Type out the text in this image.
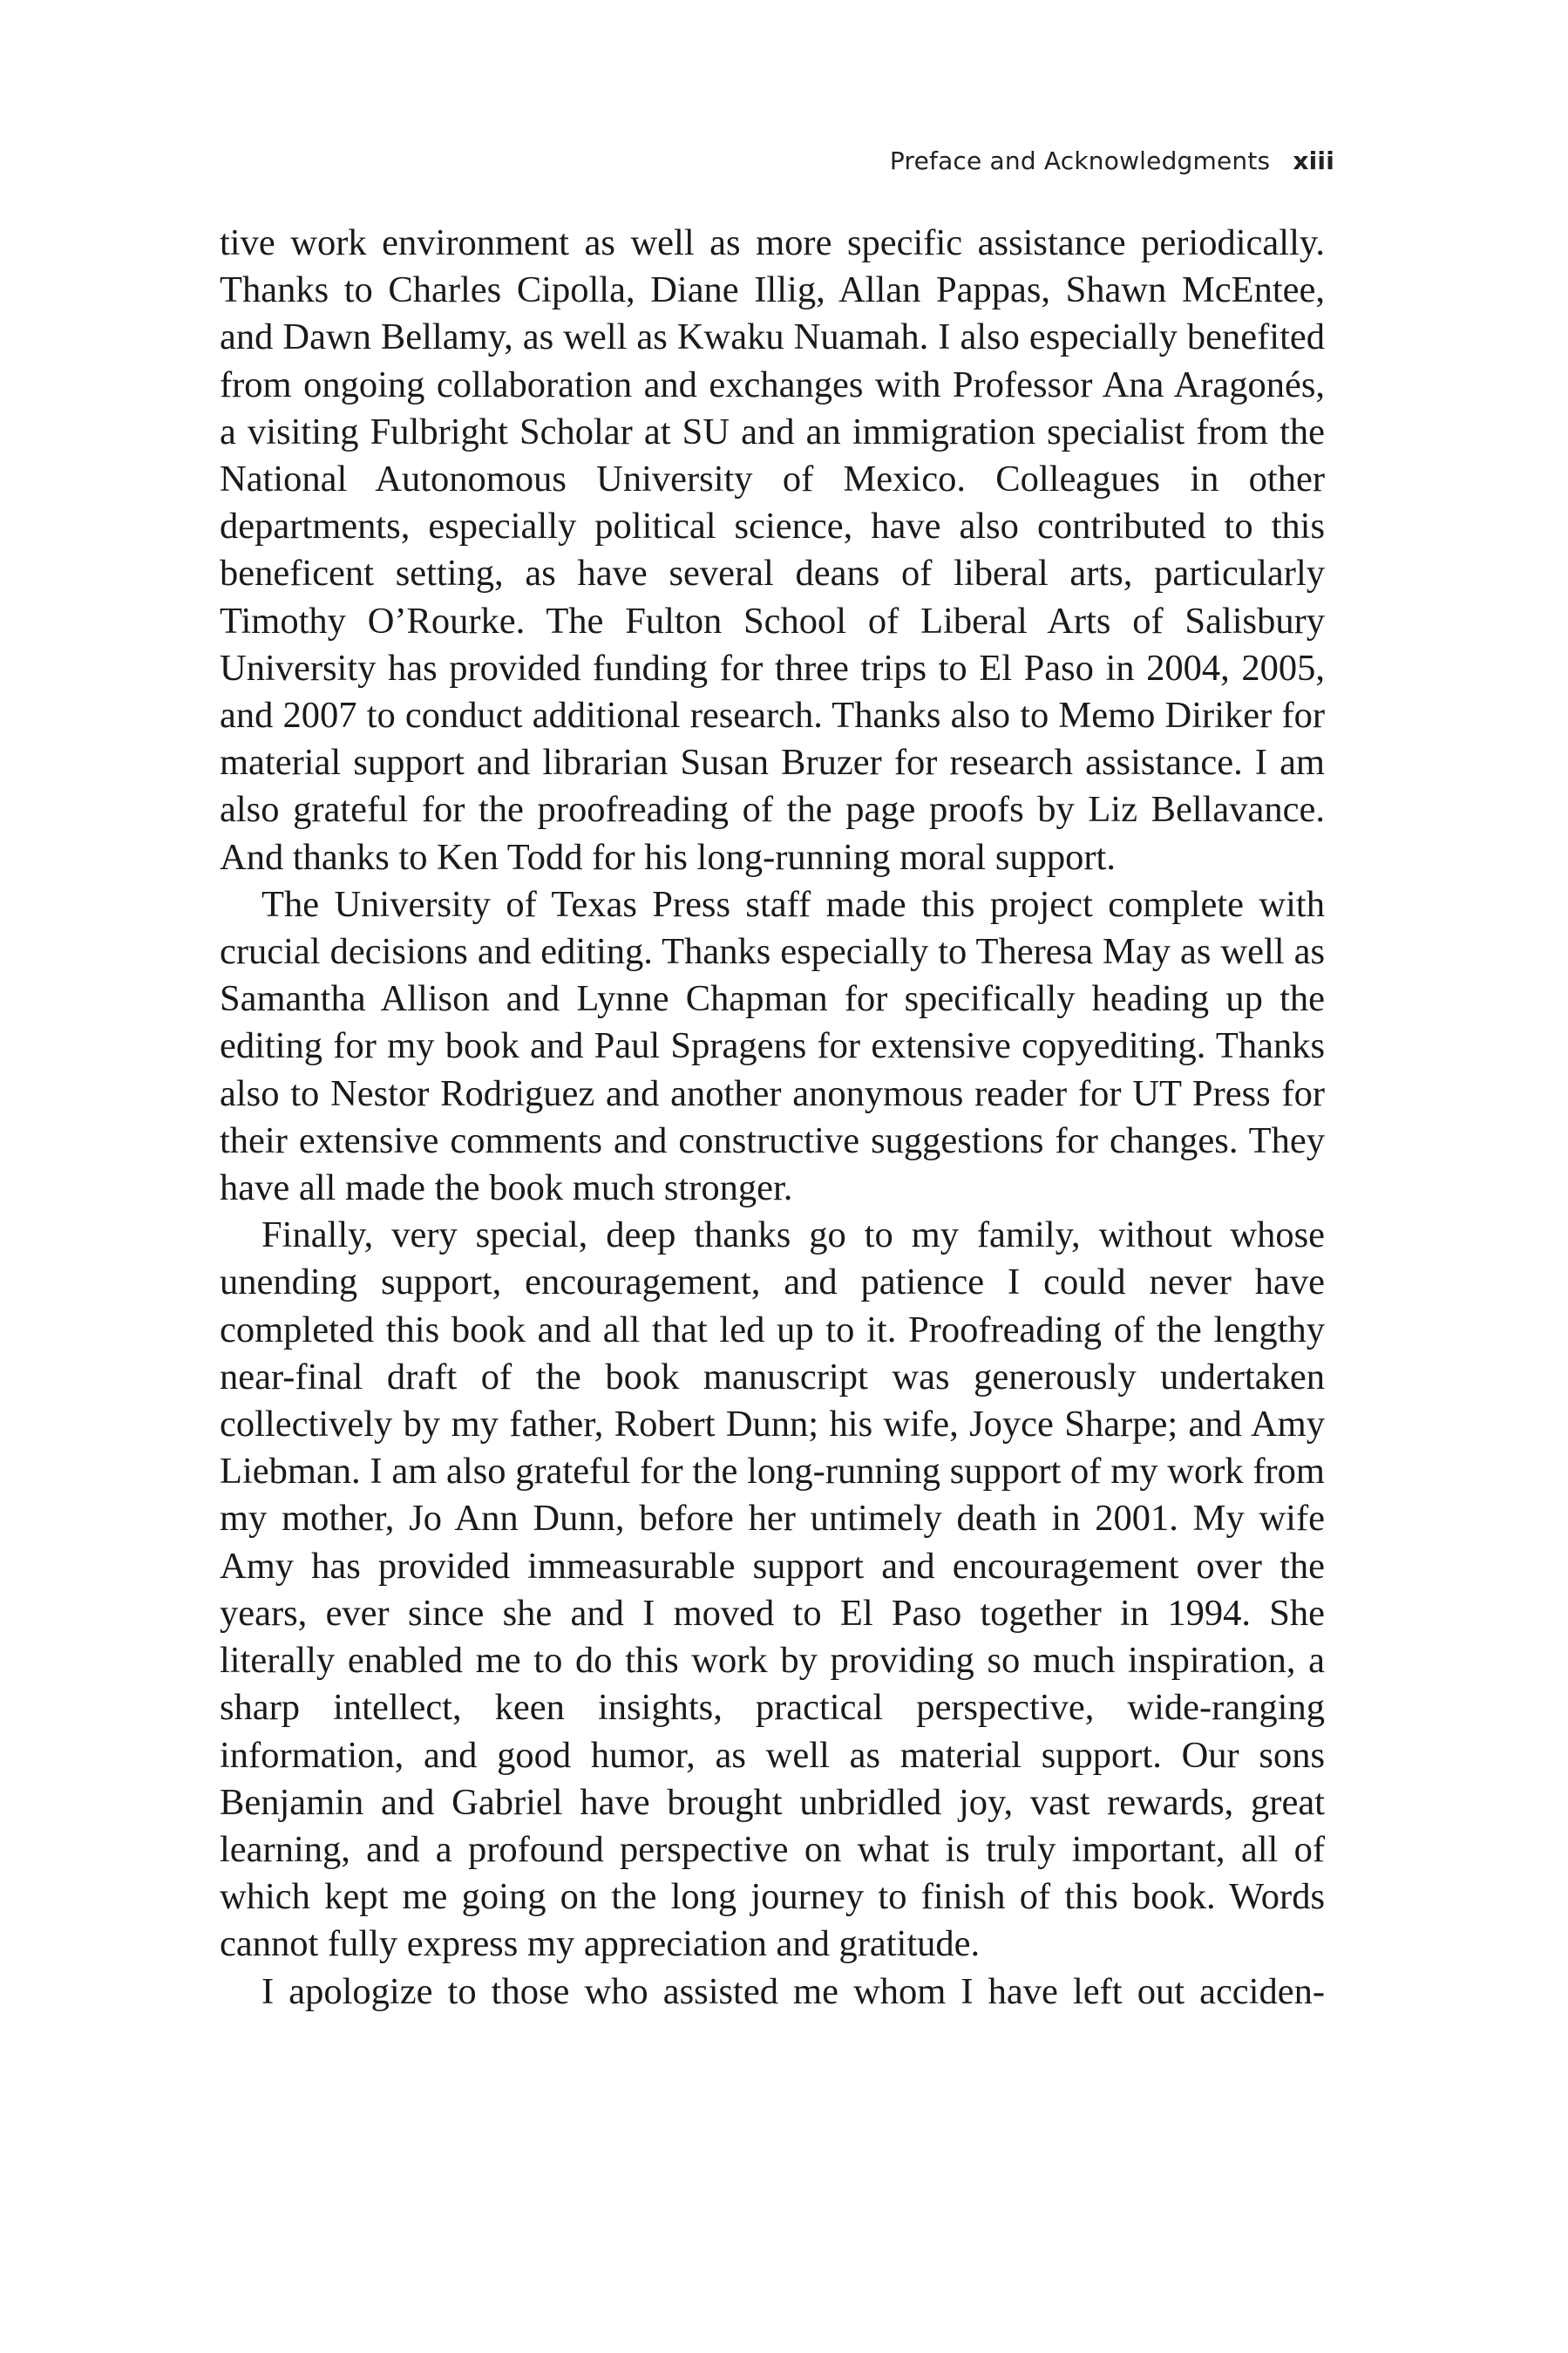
Preface and Acknowledgments xiii

tive work environment as well as more specific assistance periodically. Thanks to Charles Cipolla, Diane Illig, Allan Pappas, Shawn McEntee, and Dawn Bellamy, as well as Kwaku Nuamah. I also especially benefited from ongoing collaboration and exchanges with Professor Ana Aragonés, a visiting Fulbright Scholar at SU and an immigration specialist from the National Autonomous University of Mexico. Colleagues in other departments, especially political science, have also contributed to this beneficent setting, as have several deans of liberal arts, particularly Timothy O’Rourke. The Fulton School of Liberal Arts of Salisbury University has provided funding for three trips to El Paso in 2004, 2005, and 2007 to conduct additional research. Thanks also to Memo Diriker for material support and librarian Susan Bruzer for research assistance. I am also grateful for the proofreading of the page proofs by Liz Bellavance. And thanks to Ken Todd for his long-running moral support.

The University of Texas Press staff made this project complete with crucial decisions and editing. Thanks especially to Theresa May as well as Samantha Allison and Lynne Chapman for specifically heading up the editing for my book and Paul Spragens for extensive copyediting. Thanks also to Nestor Rodriguez and another anonymous reader for UT Press for their extensive comments and constructive suggestions for changes. They have all made the book much stronger.

Finally, very special, deep thanks go to my family, without whose unending support, encouragement, and patience I could never have completed this book and all that led up to it. Proofreading of the lengthy near-final draft of the book manuscript was generously undertaken collectively by my father, Robert Dunn; his wife, Joyce Sharpe; and Amy Liebman. I am also grateful for the long-running support of my work from my mother, Jo Ann Dunn, before her untimely death in 2001. My wife Amy has provided immeasurable support and encouragement over the years, ever since she and I moved to El Paso together in 1994. She literally enabled me to do this work by providing so much inspiration, a sharp intellect, keen insights, practical perspective, wide-ranging information, and good humor, as well as material support. Our sons Benjamin and Gabriel have brought unbridled joy, vast rewards, great learning, and a profound perspective on what is truly important, all of which kept me going on the long journey to finish of this book. Words cannot fully express my appreciation and gratitude.

I apologize to those who assisted me whom I have left out acciden-
